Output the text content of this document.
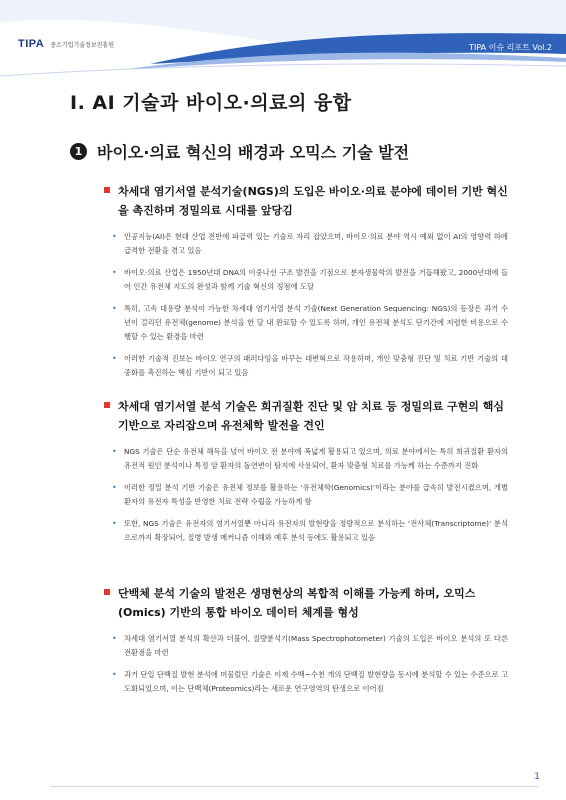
TIPA 중소기업기술정보진흥원	TIPA 이슈 리포트 Vol.2
Ⅰ. AI 기술과 바이오·의료의 융합
1 바이오·의료 혁신의 배경과 오믹스 기술 발전
차세대 염기서열 분석기술(NGS)의 도입은 바이오·의료 분야에 데이터 기반 혁신을 촉진하며 정밀의료 시대를 앞당김
• 인공지능(AI)은 현대 산업 전반에 파급력 있는 기술로 자리 잡았으며, 바이오·의료 분야 역시 예외 없이 AI의 영향력 하에 급격한 전환을 겪고 있음
• 바이오·의료 산업은 1950년대 DNA의 이중나선 구조 발견을 기점으로 분자생물학의 발전을 거듭해왔고, 2000년대에 들어 인간 유전체 지도의 완성과 함께 기술 혁신의 정점에 도달
• 특히, 고속 대용량 분석이 가능한 차세대 염기서열 분석 기술(Next Generation Sequencing: NGS)의 등장은 과거 수년이 걸리던 유전체(genome) 분석을 한 달 내 완료할 수 있도록 하며, 개인 유전체 분석도 단기간에 저렴한 비용으로 수행할 수 있는 환경을 마련
• 이러한 기술적 진보는 바이오 연구의 패러다임을 바꾸는 대변혁으로 작용하며, 개인 맞춤형 진단 및 치료 기반 기술의 대중화를 촉진하는 핵심 기반이 되고 있음
차세대 염기서열 분석 기술은 희귀질환 진단 및 암 치료 등 정밀의료 구현의 핵심 기반으로 자리잡으며 유전체학 발전을 견인
• NGS 기술은 단순 유전체 해독을 넘어 바이오 전 분야에 폭넓게 활용되고 있으며, 의료 분야에서는 특히 희귀질환 환자의 유전적 원인 분석이나 특정 암 환자의 돌연변이 탐지에 사용되어, 환자 맞춤형 치료를 가능케 하는 수준까지 진화
• 이러한 정밀 분석 기반 기술은 유전체 정보를 활용하는 ‘유전체학(Genomics)’이라는 분야를 급속히 발전시켰으며, 개별 환자의 유전자 특성을 반영한 치료 전략 수립을 가능하게 함
• 또한, NGS 기술은 유전자의 염기서열뿐 아니라 유전자의 발현량을 정량적으로 분석하는 ‘전사체(Transcriptome)’ 분석으로까지 확장되어, 질병 발생 메커니즘 이해와 예후 분석 등에도 활용되고 있음
단백체 분석 기술의 발전은 생명현상의 복합적 이해를 가능케 하며, 오믹스(Omics) 기반의 통합 바이오 데이터 체계를 형성
• 차세대 염기서열 분석의 확산과 더불어, 질량분석기(Mass Spectrophotometer) 기술의 도입은 바이오 분석의 또 다른 전환점을 마련
• 과거 단일 단백질 발현 분석에 머물렀던 기술은 이제 수백~수천 개의 단백질 발현량을 동시에 분석할 수 있는 수준으로 고도화되었으며, 이는 단백체(Proteomics)라는 새로운 연구영역의 탄생으로 이어짐
1
